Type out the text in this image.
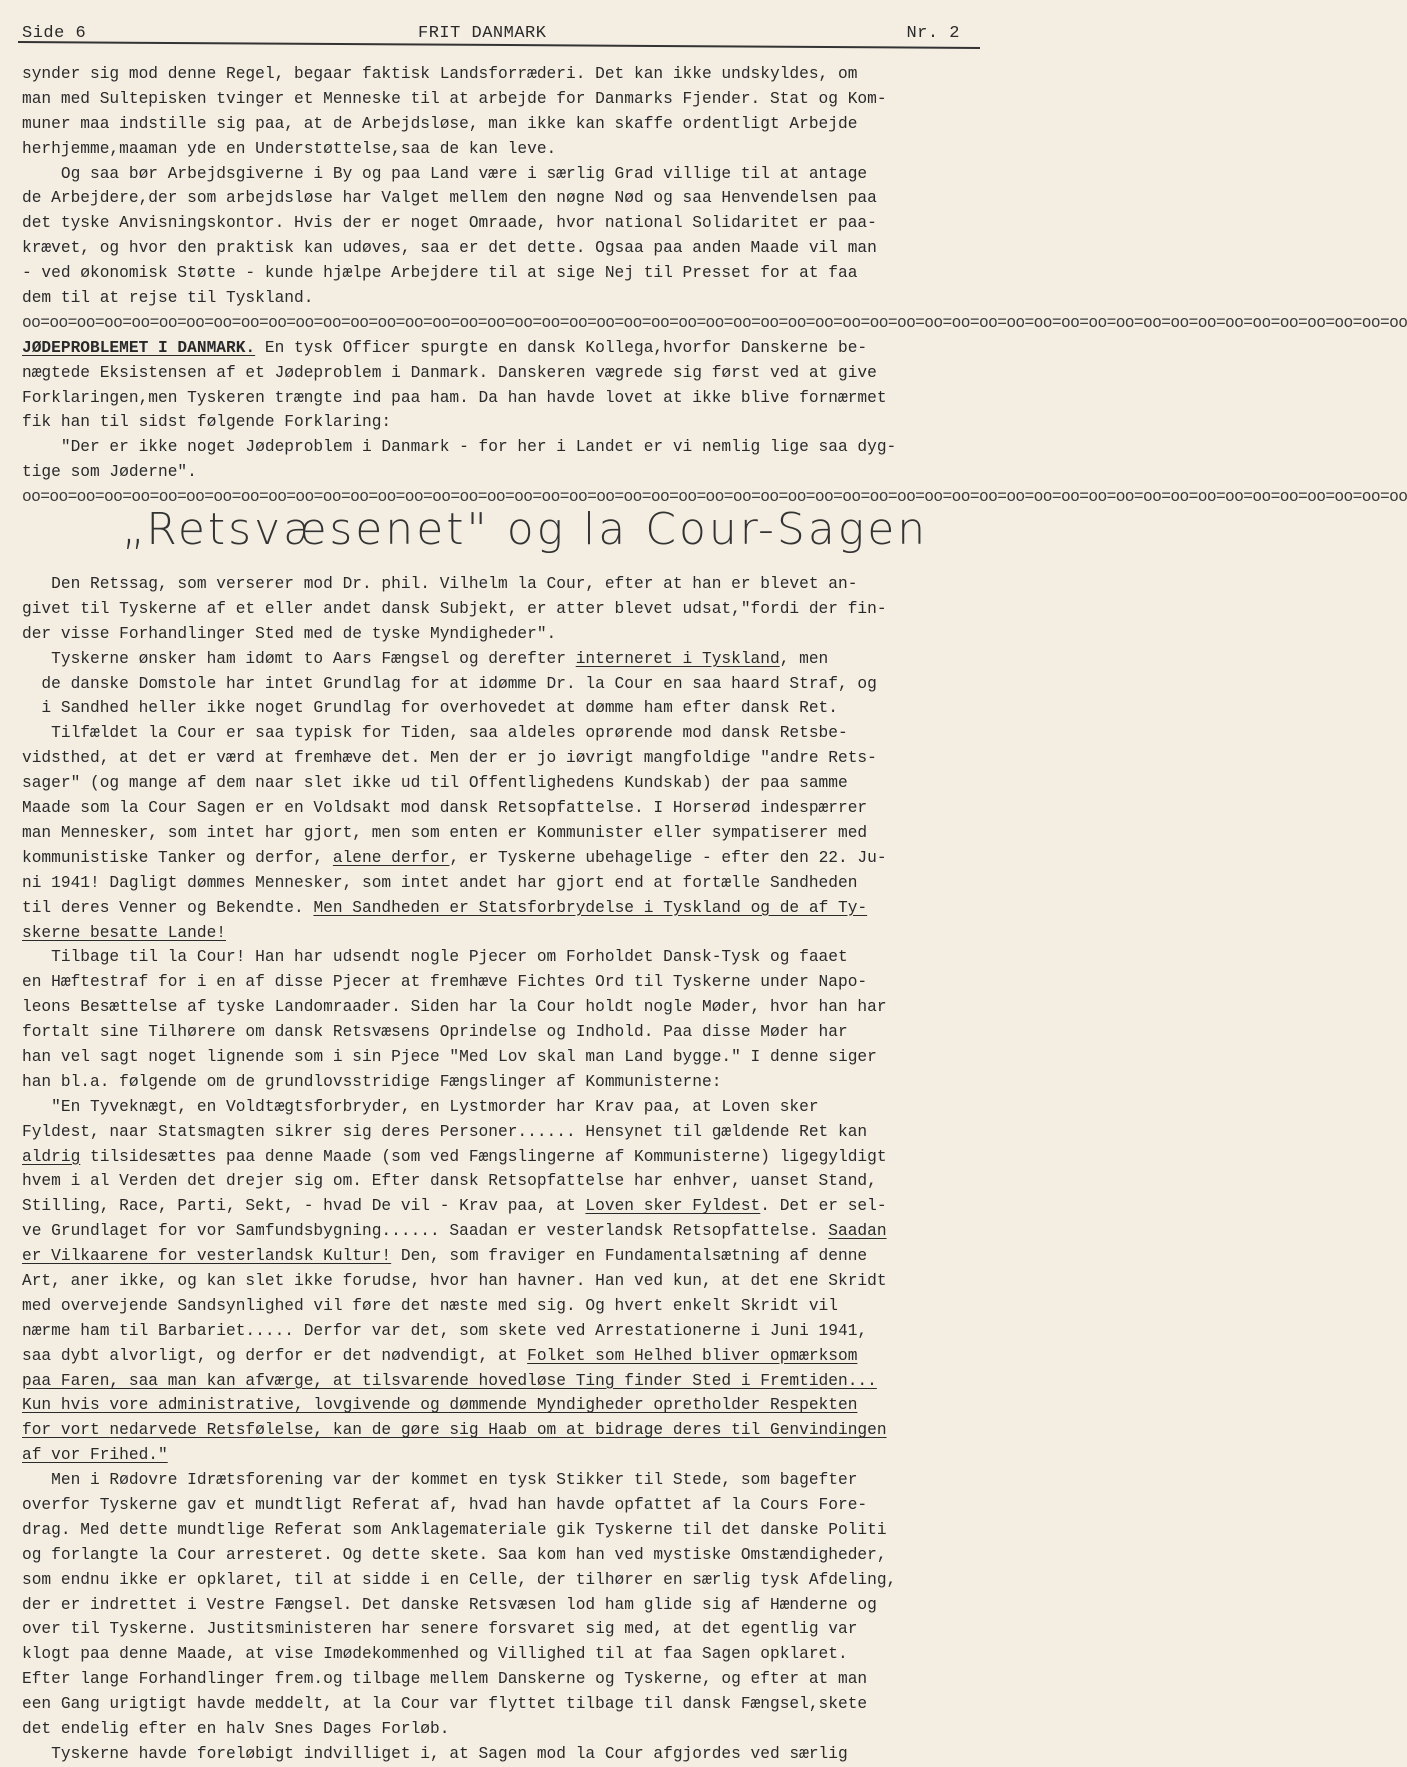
Side 6	FRIT DANMARK	Nr. 2
synder sig mod denne Regel, begaar faktisk Landsforræderi. Det kan ikke undskyldes, om
man med Sultepisken tvinger et Menneske til at arbejde for Danmarks Fjender. Stat og Kom-
muner maa indstille sig paa, at de Arbejdsløse, man ikke kan skaffe ordentligt Arbejde
herhjemme,maaman yde en Understøttelse,saa de kan leve.
Og saa bør Arbejdsgiverne i By og paa Land være i særlig Grad villige til at antage
de Arbejdere,der som arbejdsløse har Valget mellem den nøgne Nød og saa Henvendelsen paa
det tyske Anvisningskontor. Hvis der er noget Omraade, hvor national Solidaritet er paa-
krævet, og hvor den praktisk kan udøves, saa er det dette. Ogsaa paa anden Maade vil man
- ved økonomisk Støtte - kunde hjælpe Arbejdere til at sige Nej til Presset for at faa
dem til at rejse til Tyskland.
oo=oo=oo=oo=oo=oo=oo=oo=oo=oo=oo=oo=oo=oo=oo=oo=oo=oo=oo=oo=oo=oo=oo=oo=oo=oo=oo=oo=oo=oo=oo=oo=oo=oo=oo=oo=oo=oo=oo=oo=oo=oo=oo=oo=oo=oo=oo=oo=oo=oo=oo
JØDEPROBLEMET I DANMARK. En tysk Officer spurgte en dansk Kollega,hvorfor Danskerne be-
nægtede Eksistensen af et Jødeproblem i Danmark. Danskeren vægrede sig først ved at give
Forklaringen,men Tyskeren trængte ind paa ham. Da han havde lovet at ikke blive fornærmet
fik han til sidst følgende Forklaring:
"Der er ikke noget Jødeproblem i Danmark - for her i Landet er vi nemlig lige saa dyg-
tige som Jøderne".
oo=oo=oo=oo=oo=oo=oo=oo=oo=oo=oo=oo=oo=oo=oo=oo=oo=oo=oo=oo=oo=oo=oo=oo=oo=oo=oo=oo=oo=oo=oo=oo=oo=oo=oo=oo=oo=oo=oo=oo=oo=oo=oo=oo=oo=oo=oo=oo=oo=oo=oo
„Retsvæsenet" og la Cour-Sagen
Den Retssag, som verserer mod Dr. phil. Vilhelm la Cour, efter at han er blevet an-
givet til Tyskerne af et eller andet dansk Subjekt, er atter blevet udsat,"fordi der fin-
der visse Forhandlinger Sted med de tyske Myndigheder".
Tyskerne ønsker ham idømt to Aars Fængsel og derefter interneret i Tyskland, men
de danske Domstole har intet Grundlag for at idømme Dr. la Cour en saa haard Straf, og
i Sandhed heller ikke noget Grundlag for overhovedet at dømme ham efter dansk Ret.
Tilfældet la Cour er saa typisk for Tiden, saa aldeles oprørende mod dansk Retsbe-
vidsthed, at det er værd at fremhæve det. Men der er jo iøvrigt mangfoldige "andre Rets-
sager" (og mange af dem naar slet ikke ud til Offentlighedens Kundskab) der paa samme
Maade som la Cour Sagen er en Voldsakt mod dansk Retsopfattelse. I Horserød indespærrer
man Mennesker, som intet har gjort, men som enten er Kommunister eller sympatiserer med
kommunistiske Tanker og derfor, alene derfor, er Tyskerne ubehagelige - efter den 22. Ju-
ni 1941! Dagligt dømmes Mennesker, som intet andet har gjort end at fortælle Sandheden
til deres Venner og Bekendte. Men Sandheden er Statsforbrydelse i Tyskland og de af Ty-
skerne besatte Lande!
Tilbage til la Cour! Han har udsendt nogle Pjecer om Forholdet Dansk-Tysk og faaet
en Hæftestraf for i en af disse Pjecer at fremhæve Fichtes Ord til Tyskerne under Napo-
leons Besættelse af tyske Landomraader. Siden har la Cour holdt nogle Møder, hvor han har
fortalt sine Tilhørere om dansk Retsvæsens Oprindelse og Indhold. Paa disse Møder har
han vel sagt noget lignende som i sin Pjece "Med Lov skal man Land bygge." I denne siger
han bl.a. følgende om de grundlovsstridige Fængslinger af Kommunisterne:
"En Tyveknægt, en Voldtægtsforbryder, en Lystmorder har Krav paa, at Loven sker
Fyldest, naar Statsmagten sikrer sig deres Personer...... Hensynet til gældende Ret kan
aldrig tilsidesættes paa denne Maade (som ved Fængslingerne af Kommunisterne) ligegyldigt
hvem i al Verden det drejer sig om. Efter dansk Retsopfattelse har enhver, uanset Stand,
Stilling, Race, Parti, Sekt, - hvad De vil - Krav paa, at Loven sker Fyldest. Det er sel-
ve Grundlaget for vor Samfundsbygning...... Saadan er vesterlandsk Retsopfattelse. Saadan
er Vilkaarene for vesterlandsk Kultur! Den, som fraviger en Fundamentalsætning af denne
Art, aner ikke, og kan slet ikke forudse, hvor han havner. Han ved kun, at det ene Skridt
med overvejende Sandsynlighed vil føre det næste med sig. Og hvert enkelt Skridt vil
nærme ham til Barbariet..... Derfor var det, som skete ved Arrestationerne i Juni 1941,
saa dybt alvorligt, og derfor er det nødvendigt, at Folket som Helhed bliver opmærksom
paa Faren, saa man kan afværge, at tilsvarende hovedløse Ting finder Sted i Fremtiden...
Kun hvis vore administrative, lovgivende og dømmende Myndigheder opretholder Respekten
for vort nedarvede Retsfølelse, kan de gøre sig Haab om at bidrage deres til Genvindingen
af vor Frihed."
Men i Rødovre Idrætsforening var der kommet en tysk Stikker til Stede, som bagefter
overfor Tyskerne gav et mundtligt Referat af, hvad han havde opfattet af la Cours Fore-
drag. Med dette mundtlige Referat som Anklagemateriale gik Tyskerne til det danske Politi
og forlangte la Cour arresteret. Og dette skete. Saa kom han ved mystiske Omstændigheder,
som endnu ikke er opklaret, til at sidde i en Celle, der tilhører en særlig tysk Afdeling,
der er indrettet i Vestre Fængsel. Det danske Retsvæsen lod ham glide sig af Hænderne og
over til Tyskerne. Justitsministeren har senere forsvaret sig med, at det egentlig var
klogt paa denne Maade, at vise Imødekommenhed og Villighed til at faa Sagen opklaret.
Efter lange Forhandlinger frem.og tilbage mellem Danskerne og Tyskerne, og efter at man
een Gang urigtigt havde meddelt, at la Cour var flyttet tilbage til dansk Fængsel,skete
det endelig efter en halv Snes Dages Forløb.
Tyskerne havde foreløbigt indvilliget i, at Sagen mod la Cour afgjordes ved særlig
